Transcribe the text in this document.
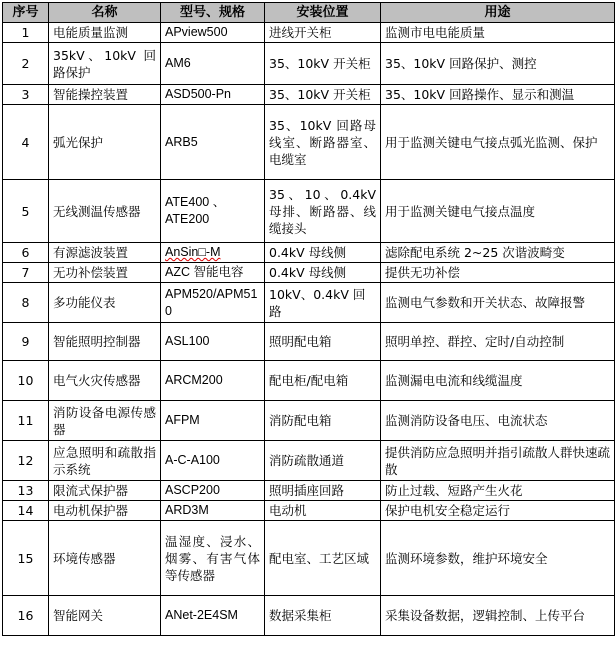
序号	名称	型号、规格	安装位置	用途
1	电能质量监测	APview500	进线开关柜	监测市电电能质量
2	35kV、10kV 回路保护	AM6	35、10kV 开关柜	35、10kV 回路保护、测控
3	智能操控装置	ASD500-Pn	35、10kV 开关柜	35、10kV 回路操作、显示和测温
4	弧光保护	ARB5	35、10kV 回路母线室、断路器室、电缆室	用于监测关键电气接点弧光监测、保护
5	无线测温传感器	ATE400 、ATE200	35、10、0.4kV 母排、断路器、线缆接头	用于监测关键电气接点温度
6	有源滤波装置	AnSin□-M	0.4kV 母线侧	滤除配电系统 2~25 次谐波畸变
7	无功补偿装置	AZC 智能电容	0.4kV 母线侧	提供无功补偿
8	多功能仪表	APM520/APM510	10kV、0.4kV 回路	监测电气参数和开关状态、故障报警
9	智能照明控制器	ASL100	照明配电箱	照明单控、群控、定时/自动控制
10	电气火灾传感器	ARCM200	配电柜/配电箱	监测漏电电流和线缆温度
11	消防设备电源传感器	AFPM	消防配电箱	监测消防设备电压、电流状态
12	应急照明和疏散指示系统	A-C-A100	消防疏散通道	提供消防应急照明并指引疏散人群快速疏散
13	限流式保护器	ASCP200	照明插座回路	防止过载、短路产生火花
14	电动机保护器	ARD3M	电动机	保护电机安全稳定运行
15	环境传感器	温湿度、浸水、烟雾、有害气体等传感器	配电室、工艺区域	监测环境参数，维护环境安全
16	智能网关	ANet-2E4SM	数据采集柜	采集设备数据，逻辑控制、上传平台
